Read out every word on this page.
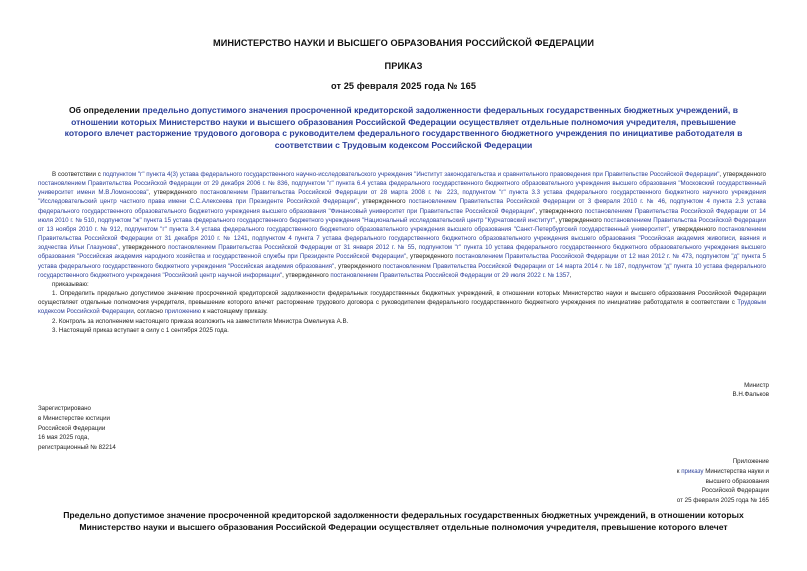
МИНИСТЕРСТВО НАУКИ И ВЫСШЕГО ОБРАЗОВАНИЯ РОССИЙСКОЙ ФЕДЕРАЦИИ
ПРИКАЗ
от 25 февраля 2025 года № 165
Об определении предельно допустимого значения просроченной кредиторской задолженности федеральных государственных бюджетных учреждений, в отношении которых Министерство науки и высшего образования Российской Федерации осуществляет отдельные полномочия учредителя, превышение которого влечет расторжение трудового договора с руководителем федерального государственного бюджетного учреждения по инициативе работодателя в соответствии с Трудовым кодексом Российской Федерации

В соответствии с подпунктом "г" пункта 4(3) устава федерального государственного научно-исследовательского учреждения "Институт законодательства и сравнительного правоведения при Правительстве Российской Федерации", утвержденного постановлением Правительства Российской Федерации от 29 декабря 2006 г. № 836, подпунктом "г" пункта 6.4 устава федерального государственного бюджетного образовательного учреждения высшего образования "Московский государственный университет имени М.В.Ломоносова", утвержденного постановлением Правительства Российской Федерации от 28 марта 2008 г. № 223, подпунктом "г" пункта 3.3 устава федерального государственного бюджетного научного учреждения "Исследовательский центр частного права имени С.С.Алексеева при Президенте Российской Федерации", утвержденного постановлением Правительства Российской Федерации от 3 февраля 2010 г. № 46, подпунктом 4 пункта 2.3 устава федерального государственного образовательного бюджетного учреждения высшего образования "Финансовый университет при Правительстве Российской Федерации", утвержденного постановлением Правительства Российской Федерации от 14 июля 2010 г. № 510, подпунктом "ж" пункта 15 устава федерального государственного бюджетного учреждения "Национальный исследовательский центр "Курчатовский институт", утвержденного постановлением Правительства Российской Федерации от 13 ноября 2010 г. № 912, подпунктом "г" пункта 3.4 устава федерального государственного бюджетного образовательного учреждения высшего образования "Санкт-Петербургский государственный университет", утвержденного постановлением Правительства Российской Федерации от 31 декабря 2010 г. № 1241, подпунктом 4 пункта 7 устава федерального государственного бюджетного образовательного учреждения высшего образования "Российская академия живописи, ваяния и зодчества Ильи Глазунова", утвержденного постановлением Правительства Российской Федерации от 31 января 2012 г. № 55, подпунктом "г" пункта 10 устава федерального государственного бюджетного образовательного учреждения высшего образования "Российская академия народного хозяйства и государственной службы при Президенте Российской Федерации", утвержденного постановлением Правительства Российской Федерации от 12 мая 2012 г. № 473, подпунктом "д" пункта 5 устава федерального государственного бюджетного учреждения "Российская академия образования", утвержденного постановлением Правительства Российской Федерации от 14 марта 2014 г. № 187, подпунктом "д" пункта 10 устава федерального государственного бюджетного учреждения "Российский центр научной информации", утвержденного постановлением Правительства Российской Федерации от 29 июля 2022 г. № 1357,

приказываю:

1. Определить предельно допустимое значение просроченной кредиторской задолженности федеральных государственных бюджетных учреждений, в отношении которых Министерство науки и высшего образования Российской Федерации осуществляет отдельные полномочия учредителя, превышение которого влечет расторжение трудового договора с руководителем федерального государственного бюджетного учреждения по инициативе работодателя в соответствии с Трудовым кодексом Российской Федерации, согласно приложению к настоящему приказу.

2. Контроль за исполнением настоящего приказа возложить на заместителя Министра Омельчука А.В.

3. Настоящий приказ вступает в силу с 1 сентября 2025 года.

Министр
В.Н.Фальков
Зарегистрировано
в Министерстве юстиции
Российской Федерации
16 мая 2025 года,
регистрационный № 82214
Приложение
к приказу Министерства науки и
высшего образования
Российской Федерации
от 25 февраля 2025 года № 165
Предельно допустимое значение просроченной кредиторской задолженности федеральных государственных бюджетных учреждений, в отношении которых Министерство науки и высшего образования Российской Федерации осуществляет отдельные полномочия учредителя, превышение которого влечет
